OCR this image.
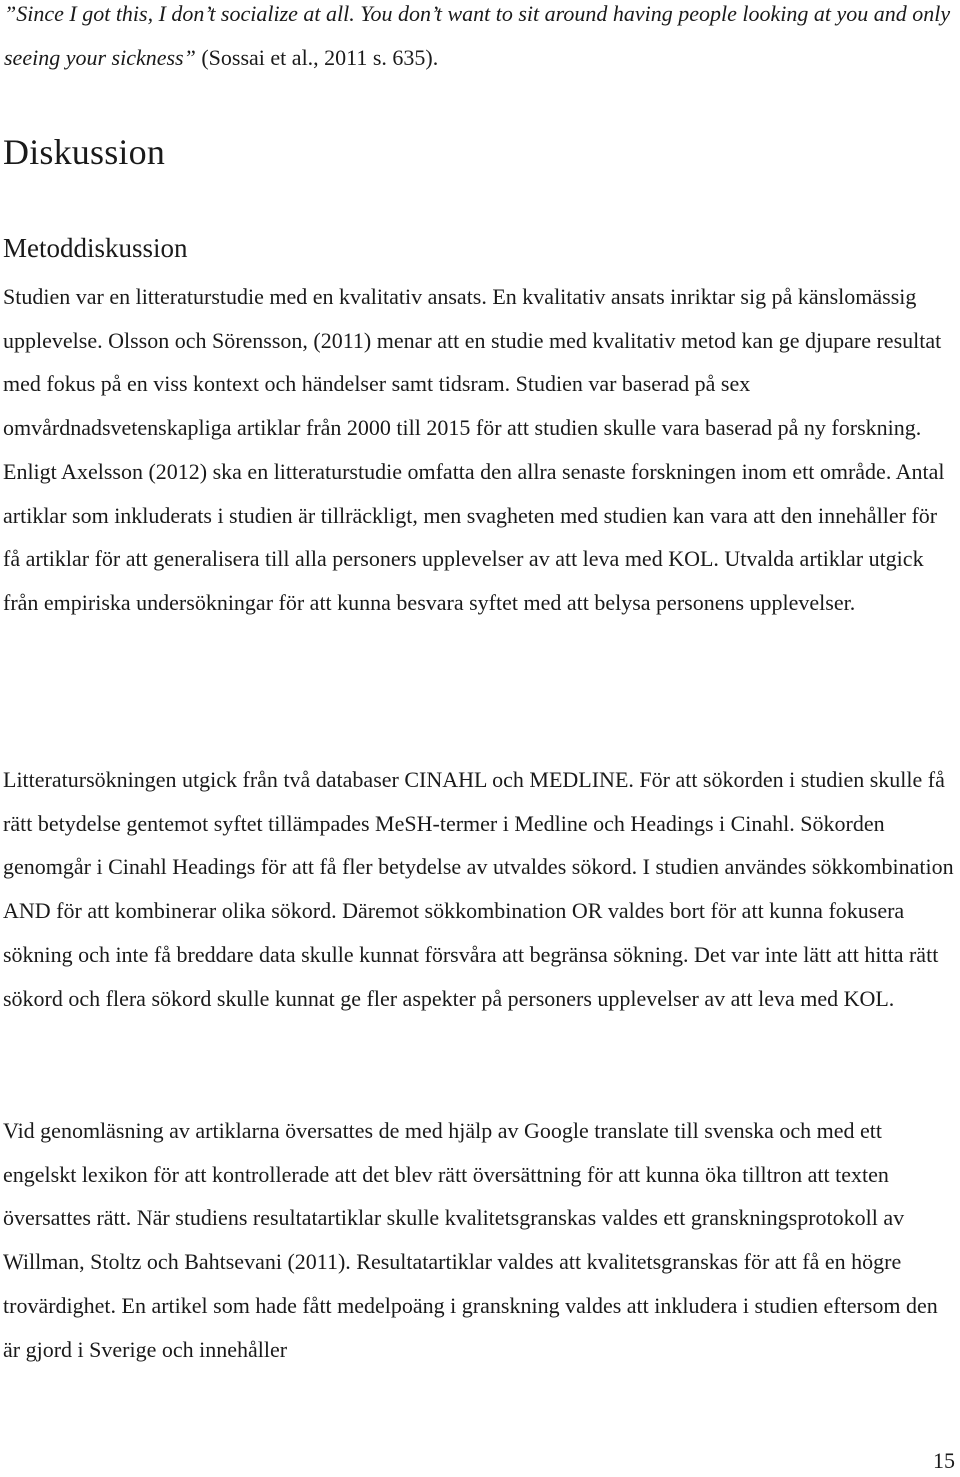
”Since I got this, I don’t socialize at all. You don’t want to sit around having people looking at you and only seeing your sickness” (Sossai et al., 2011 s. 635).

Diskussion
Metoddiskussion

Studien var en litteraturstudie med en kvalitativ ansats. En kvalitativ ansats inriktar sig på känslomässig upplevelse. Olsson och Sörensson, (2011) menar att en studie med kvalitativ metod kan ge djupare resultat med fokus på en viss kontext och händelser samt tidsram. Studien var baserad på sex omvårdnadsvetenskapliga artiklar från 2000 till 2015 för att studien skulle vara baserad på ny forskning. Enligt Axelsson (2012) ska en litteraturstudie omfatta den allra senaste forskningen inom ett område. Antal artiklar som inkluderats i studien är tillräckligt, men svagheten med studien kan vara att den innehåller för få artiklar för att generalisera till alla personers upplevelser av att leva med KOL. Utvalda artiklar utgick från empiriska undersökningar för att kunna besvara syftet med att belysa personens upplevelser.

Litteratursökningen utgick från två databaser CINAHL och MEDLINE. För att sökorden i studien skulle få rätt betydelse gentemot syftet tillämpades MeSH-termer i Medline och Headings i Cinahl. Sökorden genomgår i Cinahl Headings för att få fler betydelse av utvaldes sökord. I studien användes sökkombination AND för att kombinerar olika sökord. Däremot sökkombination OR valdes bort för att kunna fokusera sökning och inte få breddare data skulle kunnat försvåra att begränsa sökning. Det var inte lätt att hitta rätt sökord och flera sökord skulle kunnat ge fler aspekter på personers upplevelser av att leva med KOL.

Vid genomläsning av artiklarna översattes de med hjälp av Google translate till svenska och med ett engelskt lexikon för att kontrollerade att det blev rätt översättning för att kunna öka tilltron att texten översattes rätt. När studiens resultatartiklar skulle kvalitetsgranskas valdes ett granskningsprotokoll av Willman, Stoltz och Bahtsevani (2011). Resultatartiklar valdes att kvalitetsgranskas för att få en högre trovärdighet. En artikel som hade fått medelpoäng i granskning valdes att inkludera i studien eftersom den är gjord i Sverige och innehåller

15
